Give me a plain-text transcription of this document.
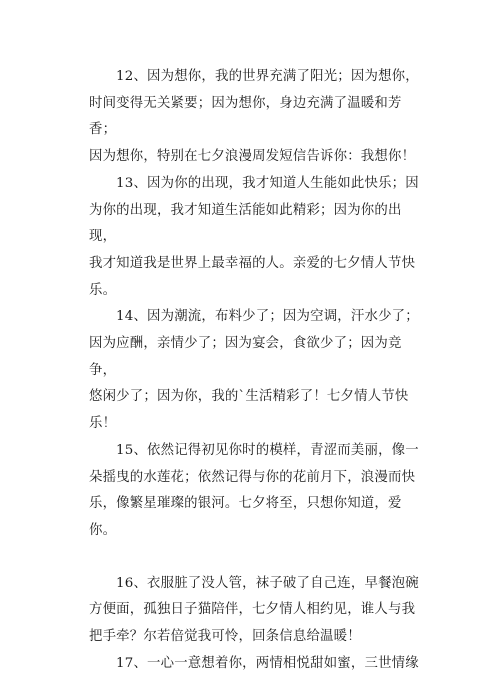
12、因为想你，我的世界充满了阳光；因为想你，

时间变得无关紧要；因为想你，身边充满了温暖和芳香；

因为想你，特别在七夕浪漫周发短信告诉你：我想你！

13、因为你的出现，我才知道人生能如此快乐；因

为你的出现，我才知道生活能如此精彩；因为你的出现，

我才知道我是世界上最幸福的人。亲爱的七夕情人节快

乐。

14、因为潮流，布料少了；因为空调，汗水少了；

因为应酬，亲情少了；因为宴会，食欲少了；因为竞争，

悠闲少了；因为你，我的`生活精彩了！七夕情人节快

乐！

15、依然记得初见你时的模样，青涩而美丽，像一

朵摇曳的水莲花；依然记得与你的花前月下，浪漫而快

乐，像繁星璀璨的银河。七夕将至，只想你知道，爱你。

16、衣服脏了没人管，袜子破了自己连，早餐泡碗

方便面，孤独日子猫陪伴，七夕情人相约见，谁人与我

把手牵？尔若倍觉我可怜，回条信息给温暖！

17、一心一意想着你，两情相悦甜如蜜，三世情缘
